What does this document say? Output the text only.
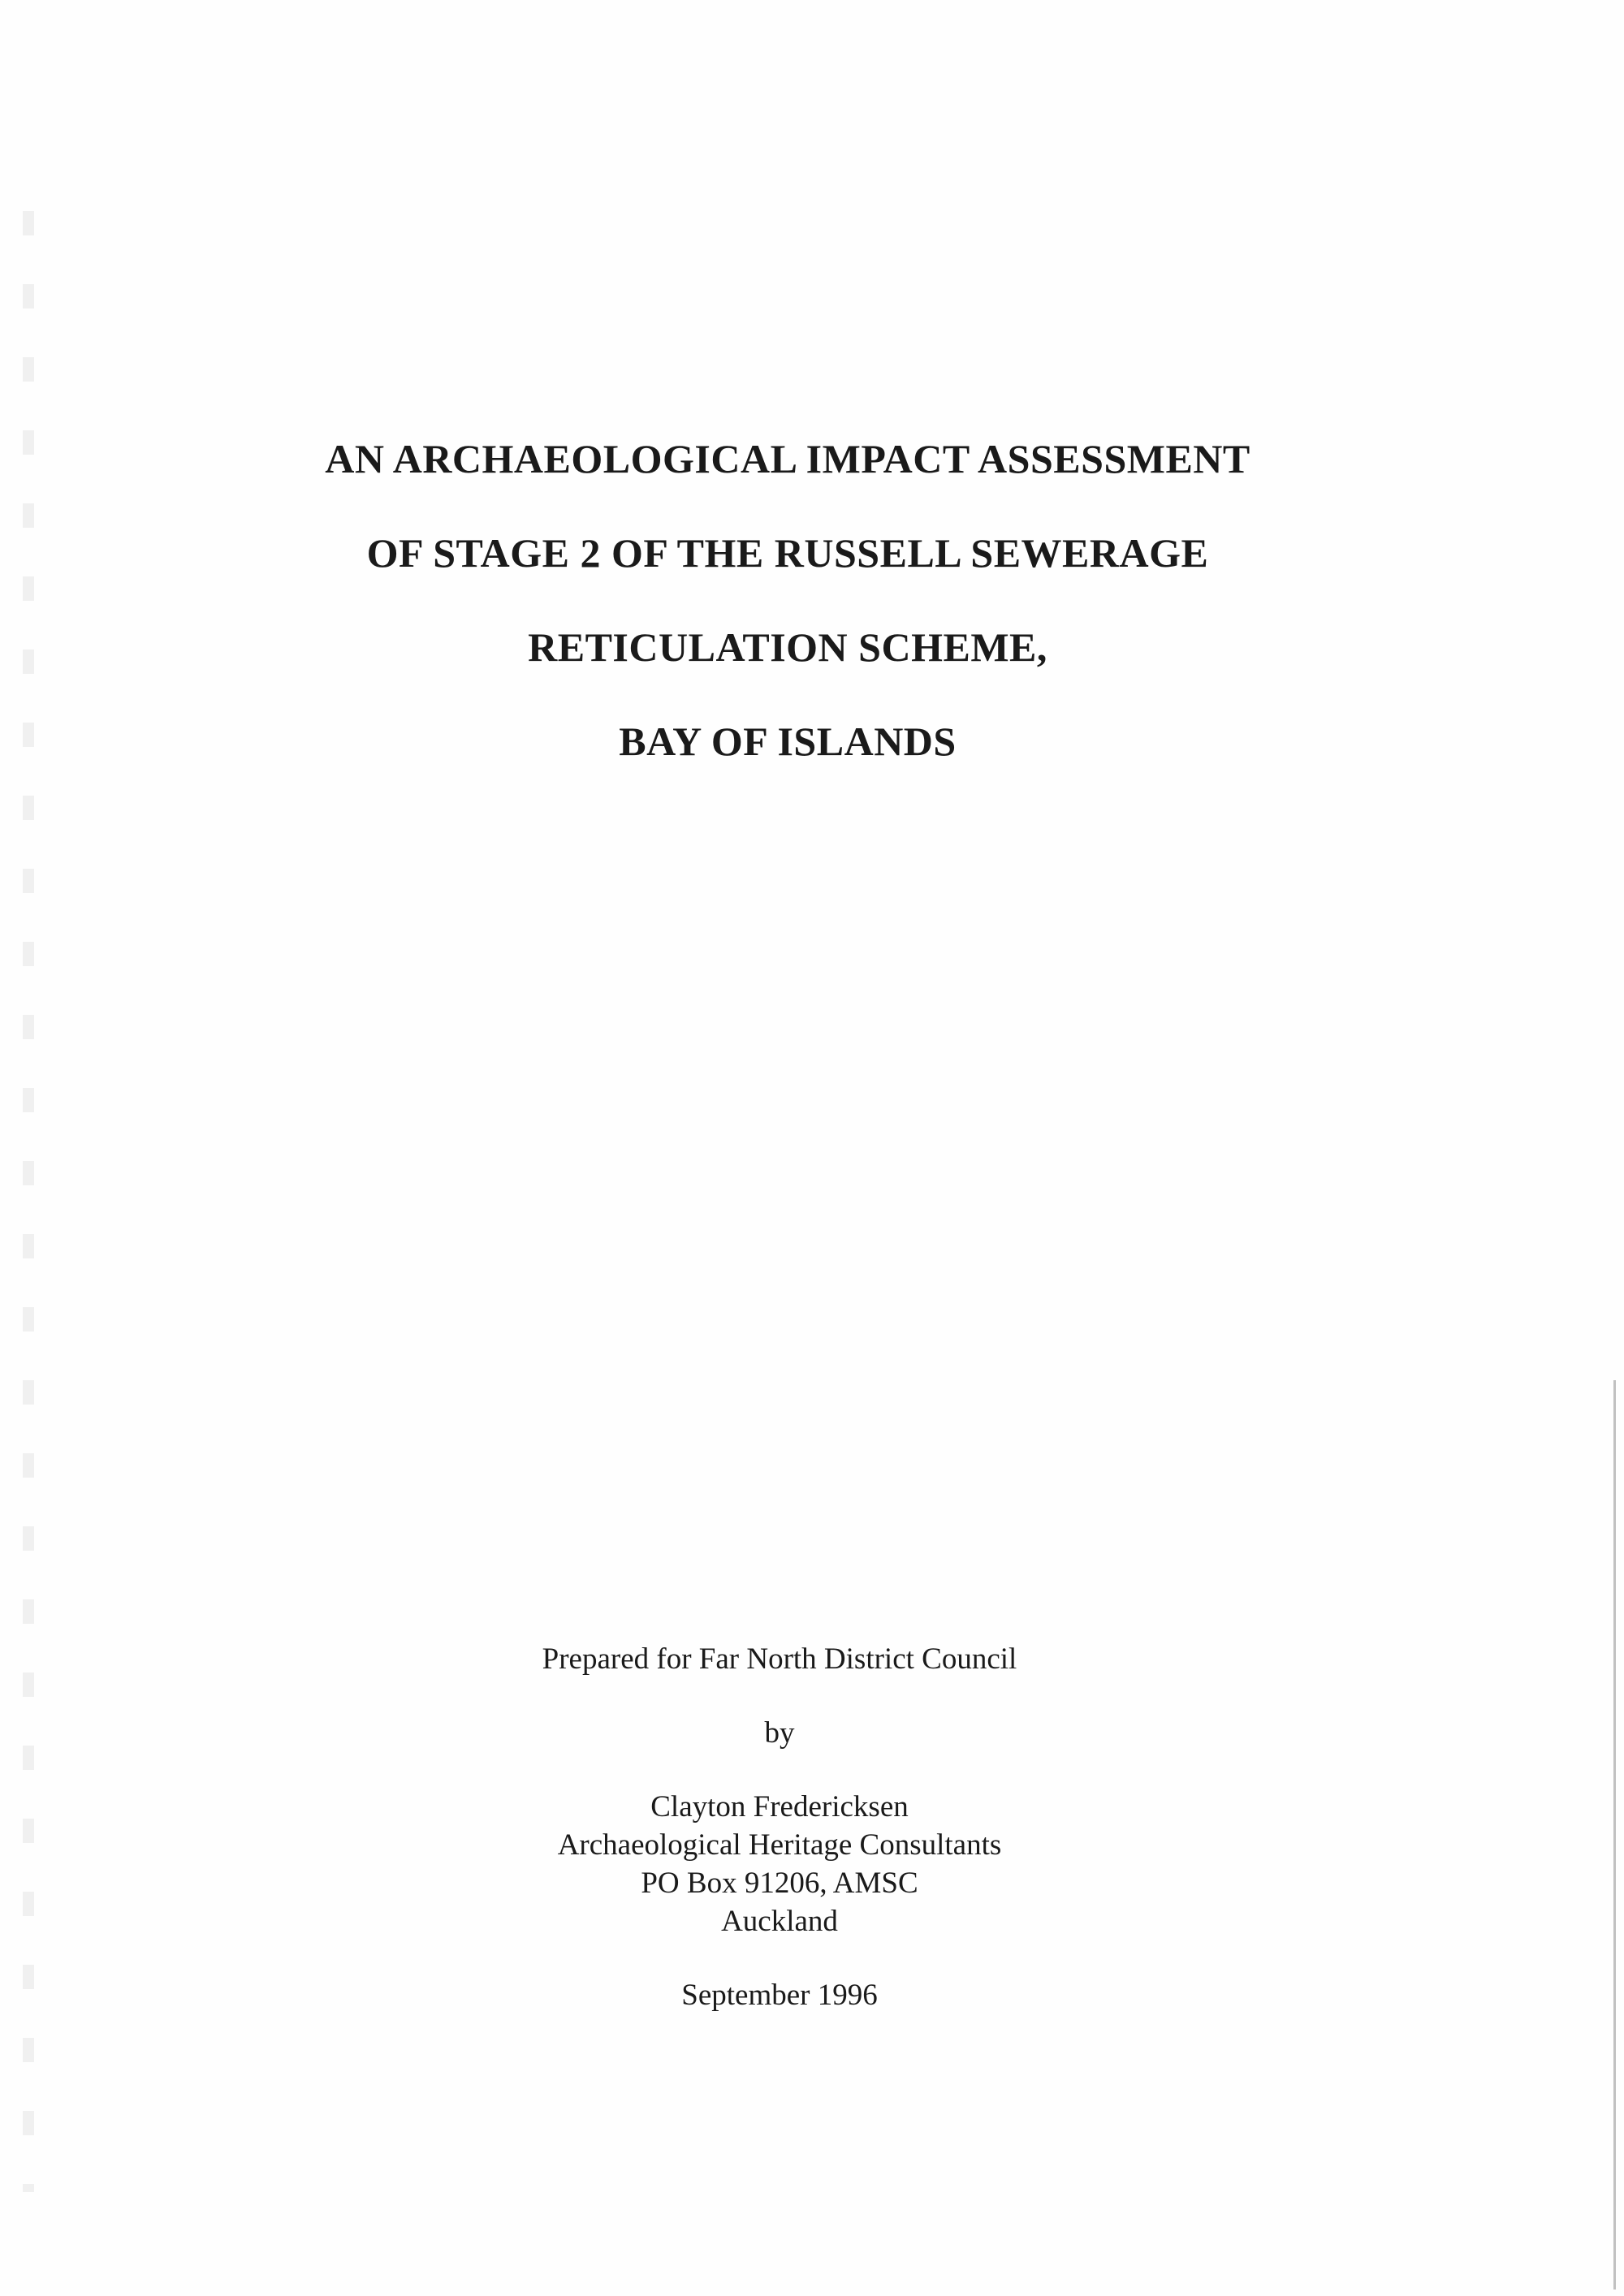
AN ARCHAEOLOGICAL IMPACT ASSESSMENT
OF STAGE 2 OF THE RUSSELL SEWERAGE
RETICULATION SCHEME,
BAY OF ISLANDS
Prepared for Far North District Council
by
Clayton Fredericksen
Archaeological Heritage Consultants
PO Box 91206, AMSC
Auckland
September 1996
